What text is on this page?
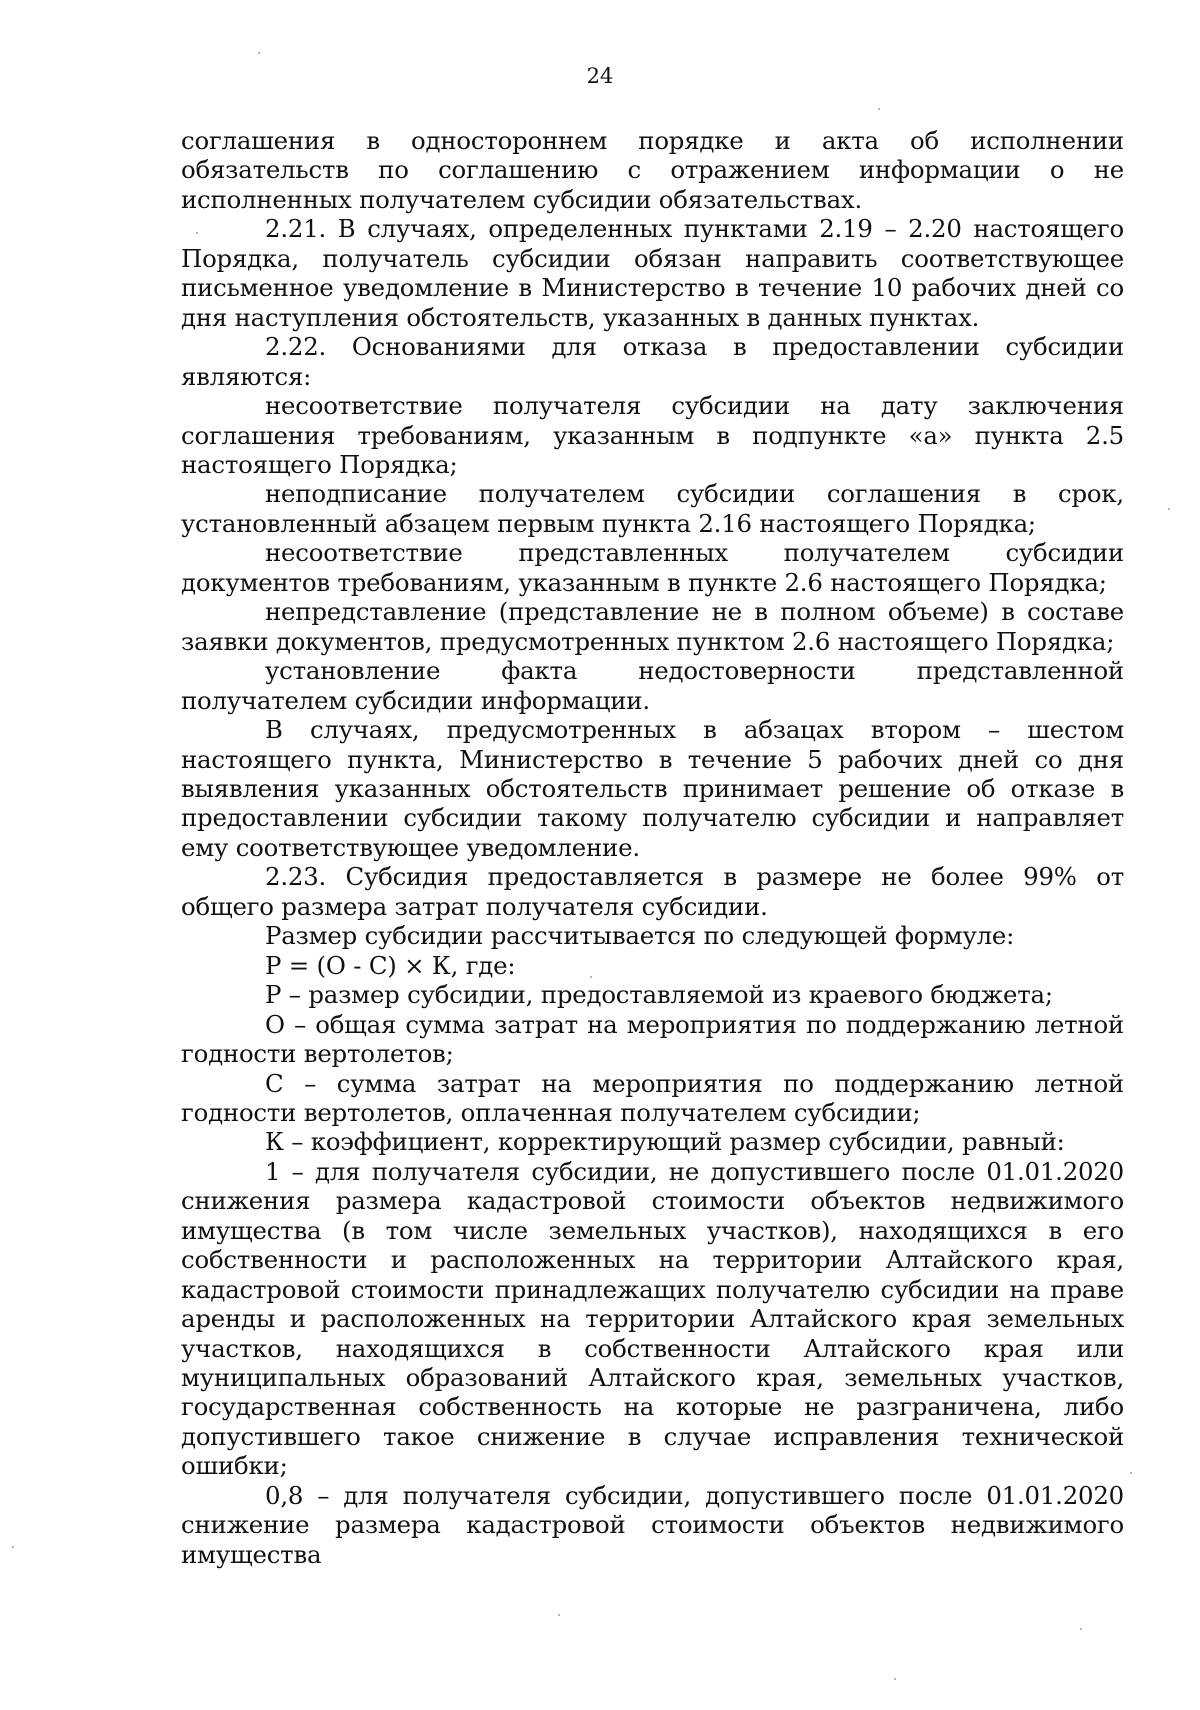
24

соглашения в одностороннем порядке и акта об исполнении обязательств по соглашению с отражением информации о не исполненных получателем субсидии обязательствах.

2.21. В случаях, определенных пунктами 2.19 – 2.20 настоящего Порядка, получатель субсидии обязан направить соответствующее письменное уведомление в Министерство в течение 10 рабочих дней со дня наступления обстоятельств, указанных в данных пунктах.

2.22. Основаниями для отказа в предоставлении субсидии являются:

несоответствие получателя субсидии на дату заключения соглашения требованиям, указанным в подпункте «а» пункта 2.5 настоящего Порядка;

неподписание получателем субсидии соглашения в срок, установленный абзацем первым пункта 2.16 настоящего Порядка;

несоответствие представленных получателем субсидии документов требованиям, указанным в пункте 2.6 настоящего Порядка;

непредставление (представление не в полном объеме) в составе заявки документов, предусмотренных пунктом 2.6 настоящего Порядка;

установление факта недостоверности представленной получателем субсидии информации.

В случаях, предусмотренных в абзацах втором – шестом настоящего пункта, Министерство в течение 5 рабочих дней со дня выявления указанных обстоятельств принимает решение об отказе в предоставлении субсидии такому получателю субсидии и направляет ему соответствующее уведомление.

2.23. Субсидия предоставляется в размере не более 99% от общего размера затрат получателя субсидии.

Размер субсидии рассчитывается по следующей формуле:

Р = (О - С) × К, где:

Р – размер субсидии, предоставляемой из краевого бюджета;

О – общая сумма затрат на мероприятия по поддержанию летной годности вертолетов;

С – сумма затрат на мероприятия по поддержанию летной годности вертолетов, оплаченная получателем субсидии;

К – коэффициент, корректирующий размер субсидии, равный:

1 – для получателя субсидии, не допустившего после 01.01.2020 снижения размера кадастровой стоимости объектов недвижимого имущества (в том числе земельных участков), находящихся в его собственности и расположенных на территории Алтайского края, кадастровой стоимости принадлежащих получателю субсидии на праве аренды и расположенных на территории Алтайского края земельных участков, находящихся в собственности Алтайского края или муниципальных образований Алтайского края, земельных участков, государственная собственность на которые не разграничена, либо допустившего такое снижение в случае исправления технической ошибки;

0,8 – для получателя субсидии, допустившего после 01.01.2020 снижение размера кадастровой стоимости объектов недвижимого имущества
